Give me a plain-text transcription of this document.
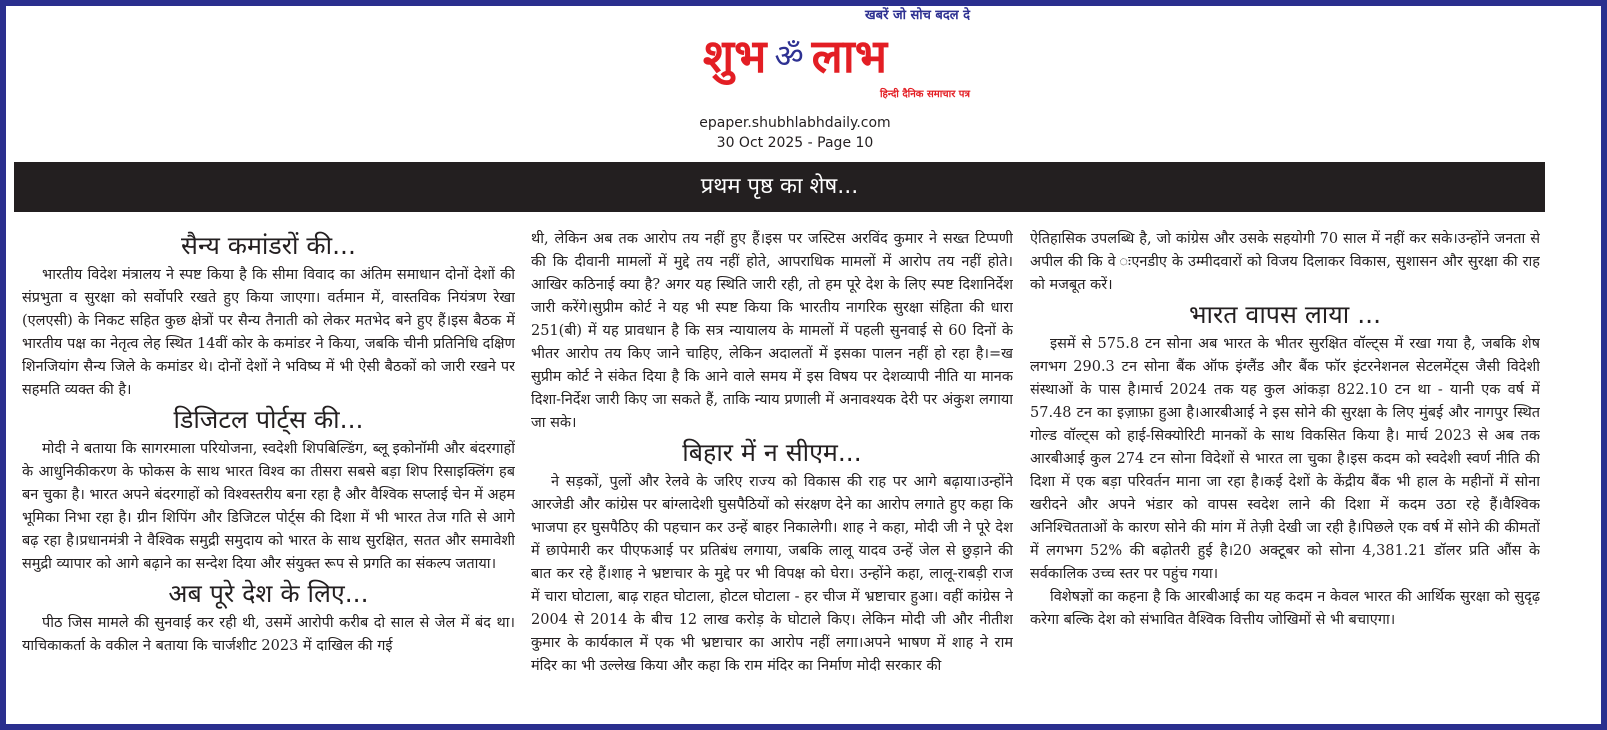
खबरें जो सोच बदल दे
शुभ ॐ लाभ
हिन्दी दैनिक समाचार पत्र
epaper.shubhlabhdaily.com
30 Oct 2025 - Page 10
प्रथम पृष्ठ का शेष...
सैन्य कमांडरों की...

भारतीय विदेश मंत्रालय ने स्पष्ट किया है कि सीमा विवाद का अंतिम समाधान दोनों देशों की संप्रभुता व सुरक्षा को सर्वोपरि रखते हुए किया जाएगा। वर्तमान में, वास्तविक नियंत्रण रेखा (एलएसी) के निकट सहित कुछ क्षेत्रों पर सैन्य तैनाती को लेकर मतभेद बने हुए हैं।इस बैठक में भारतीय पक्ष का नेतृत्व लेह स्थित 14वीं कोर के कमांडर ने किया, जबकि चीनी प्रतिनिधि दक्षिण शिनजियांग सैन्य जिले के कमांडर थे। दोनों देशों ने भविष्य में भी ऐसी बैठकों को जारी रखने पर सहमति व्यक्त की है।

डिजिटल पोर्ट्स की...

मोदी ने बताया कि सागरमाला परियोजना, स्वदेशी शिपबिल्डिंग, ब्लू इकोनॉमी और बंदरगाहों के आधुनिकीकरण के फोकस के साथ भारत विश्व का तीसरा सबसे बड़ा शिप रिसाइक्लिंग हब बन चुका है। भारत अपने बंदरगाहों को विश्वस्तरीय बना रहा है और वैश्विक सप्लाई चेन में अहम भूमिका निभा रहा है। ग्रीन शिपिंग और डिजिटल पोर्ट्स की दिशा में भी भारत तेज गति से आगे बढ़ रहा है।प्रधानमंत्री ने वैश्विक समुद्री समुदाय को भारत के साथ सुरक्षित, सतत और समावेशी समुद्री व्यापार को आगे बढ़ाने का सन्देश दिया और संयुक्त रूप से प्रगति का संकल्प जताया।

अब पूरे देश के लिए...

पीठ जिस मामले की सुनवाई कर रही थी, उसमें आरोपी करीब दो साल से जेल में बंद था। याचिकाकर्ता के वकील ने बताया कि चार्जशीट 2023 में दाखिल की गई

थी, लेकिन अब तक आरोप तय नहीं हुए हैं।इस पर जस्टिस अरविंद कुमार ने सख्त टिप्पणी की कि दीवानी मामलों में मुद्दे तय नहीं होते, आपराधिक मामलों में आरोप तय नहीं होते। आखिर कठिनाई क्या है? अगर यह स्थिति जारी रही, तो हम पूरे देश के लिए स्पष्ट दिशानिर्देश जारी करेंगे।सुप्रीम कोर्ट ने यह भी स्पष्ट किया कि भारतीय नागरिक सुरक्षा संहिता की धारा 251(बी) में यह प्रावधान है कि सत्र न्यायालय के मामलों में पहली सुनवाई से 60 दिनों के भीतर आरोप तय किए जाने चाहिए, लेकिन अदालतों में इसका पालन नहीं हो रहा है।=ख सुप्रीम कोर्ट ने संकेत दिया है कि आने वाले समय में इस विषय पर देशव्यापी नीति या मानक दिशा-निर्देश जारी किए जा सकते हैं, ताकि न्याय प्रणाली में अनावश्यक देरी पर अंकुश लगाया जा सके।

बिहार में न सीएम...

ने सड़कों, पुलों और रेलवे के जरिए राज्य को विकास की राह पर आगे बढ़ाया।उन्होंने आरजेडी और कांग्रेस पर बांग्लादेशी घुसपैठियों को संरक्षण देने का आरोप लगाते हुए कहा कि भाजपा हर घुसपैठिए की पहचान कर उन्हें बाहर निकालेगी। शाह ने कहा, मोदी जी ने पूरे देश में छापेमारी कर पीएफआई पर प्रतिबंध लगाया, जबकि लालू यादव उन्हें जेल से छुड़ाने की बात कर रहे हैं।शाह ने भ्रष्टाचार के मुद्दे पर भी विपक्ष को घेरा। उन्होंने कहा, लालू-राबड़ी राज में चारा घोटाला, बाढ़ राहत घोटाला, होटल घोटाला - हर चीज में भ्रष्टाचार हुआ। वहीं कांग्रेस ने 2004 से 2014 के बीच 12 लाख करोड़ के घोटाले किए। लेकिन मोदी जी और नीतीश कुमार के कार्यकाल में एक भी भ्रष्टाचार का आरोप नहीं लगा।अपने भाषण में शाह ने राम मंदिर का भी उल्लेख किया और कहा कि राम मंदिर का निर्माण मोदी सरकार की

ऐतिहासिक उपलब्धि है, जो कांग्रेस और उसके सहयोगी 70 साल में नहीं कर सके।उन्होंने जनता से अपील की कि वे ःएनडीए के उम्मीदवारों को विजय दिलाकर विकास, सुशासन और सुरक्षा की राह को मजबूत करें।

भारत वापस लाया ...

इसमें से 575.8 टन सोना अब भारत के भीतर सुरक्षित वॉल्ट्स में रखा गया है, जबकि शेष लगभग 290.3 टन सोना बैंक ऑफ इंग्लैंड और बैंक फॉर इंटरनेशनल सेटलमेंट्स जैसी विदेशी संस्थाओं के पास है।मार्च 2024 तक यह कुल आंकड़ा 822.10 टन था - यानी एक वर्ष में 57.48 टन का इज़ाफ़ा हुआ है।आरबीआई ने इस सोने की सुरक्षा के लिए मुंबई और नागपुर स्थित गोल्ड वॉल्ट्स को हाई-सिक्योरिटी मानकों के साथ विकसित किया है। मार्च 2023 से अब तक आरबीआई कुल 274 टन सोना विदेशों से भारत ला चुका है।इस कदम को स्वदेशी स्वर्ण नीति की दिशा में एक बड़ा परिवर्तन माना जा रहा है।कई देशों के केंद्रीय बैंक भी हाल के महीनों में सोना खरीदने और अपने भंडार को वापस स्वदेश लाने की दिशा में कदम उठा रहे हैं।वैश्विक अनिश्चितताओं के कारण सोने की मांग में तेज़ी देखी जा रही है।पिछले एक वर्ष में सोने की कीमतों में लगभग 52% की बढ़ोतरी हुई है।20 अक्टूबर को सोना 4,381.21 डॉलर प्रति औंस के सर्वकालिक उच्च स्तर पर पहुंच गया।

विशेषज्ञों का कहना है कि आरबीआई का यह कदम न केवल भारत की आर्थिक सुरक्षा को सुदृढ़ करेगा बल्कि देश को संभावित वैश्विक वित्तीय जोखिमों से भी बचाएगा।
